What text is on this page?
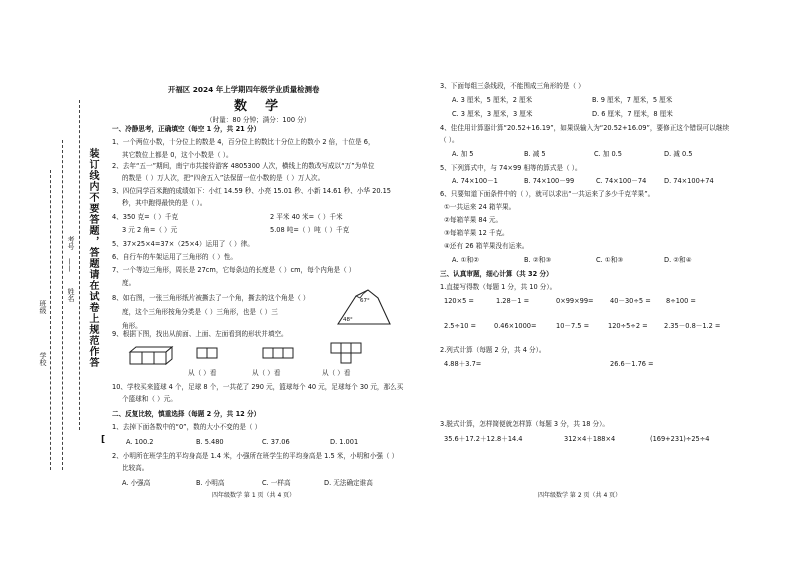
学校
班级
姓名
考号
—— 装订线内不要答题，答题请在试卷上规范作答
[
开福区 2024 年上学期四年级学业质量检测卷
数    学
（时量：80 分钟；满分：100 分）
一、冷静思考，正确填空（每空 1 分，共 21 分）
1、一个两位小数，十分位上的数是 4，百分位上的数比十分位上的数小 2 倍，十位是 6，
其它数位上都是 0，这个小数是（ ）。
2、去年“五一”期间，南宁市共接待游客 4805300 人次，横线上的数改写成以“万”为单位
的数是（ ）万人次，把“四舍五入”法保留一位小数的是（ ）万人次。
3、四位同学百米跑的成绩如下：小红 14.59 秒、小亮 15.01 秒、小新 14.61 秒、小华 20.15
秒，其中跑得最快的是（ ）。
4、350 克=（ ）千克	2 平米 40 米=（ ）千米
3 元 2 角=（ ）元	5.08 吨=（ ）吨（ ）千克
5、37×25×4=37×（25×4）运用了（ ）律。
6、自行车的车架运用了三角形的（ ）性。
7、一个等边三角形，周长是 27cm，它每条边的长度是（ ）cm，每个内角是（ ）
度。
8、如右图，一张三角形纸片被撕去了一个角，撕去的这个角是（ ）
度，这个三角形按角分类是（ ）三角形，也是（ ）三
角形。
67°
48°
9、根据下图，找出从前面、上面、左面看到的形状并填空。
从（ ）看	从（ ）看	从（ ）看
10、学校买来篮球 4 个，足球 8 个，一共花了 290 元，篮球每个 40 元，足球每个 30 元，那么买
个篮球和（ ）元。
二、反复比较，慎重选择（每题 2 分，共 12 分）
1、去掉下面各数中的“0”，数的大小不变的是（ ）
A. 100.2	B. 5.480	C. 37.06	D. 1.001
2、小明所在班学生的平均身高是 1.4 米，小强所在班学生的平均身高是 1.5 米，小明和小强（ ）
比较高。
A. 小强高	B. 小明高	C. 一样高	D. 无法确定谁高
四年级数学 第 1 页（共 4 页）
3、下面每组三条线段，不能围成三角形的是（ ）
A. 3 厘米，5 厘米，2 厘米	B. 9 厘米，7 厘米，5 厘米
C. 3 厘米，3 厘米，3 厘米	D. 6 厘米，7 厘米，8 厘米
4、佳佳用计算器计算“20.52+16.19”，如果误输入为“20.52+16.09”，要修正这个错误可以继续
（ ）。
A. 加 5	B. 减 5	C. 加 0.5	D. 减 0.5
5、下列算式中，与 74×99 相等的算式是（ ）。
A. 74×100－1	B. 74×100－99	C. 74×100－74	D. 74×100+74
6、只要知道下面条件中的（ ），就可以求出“一共运来了多少千克苹果”。
①一共运来 24 箱苹果。
②每箱苹果 84 元。
③每箱苹果 12 千克。
④还有 26 箱苹果没有运来。
A. ①和②	B. ②和③	C. ①和③	D. ②和④
三、认真审题，细心计算（共 32 分）
1.直接写得数（每题 1 分，共 10 分）。
120×5 =	1.28－1 =	0×99×99= 40－30÷5 = 8÷100 =
2.5÷10 =	0.46×1000=	10－7.5 =	120÷5÷2 = 2.35－0.8－1.2 =
2.列式计算（每题 2 分，共 4 分）。
4.88＋3.7=	26.6－1.76 =
3.脱式计算，怎样简便就怎样算（每题 3 分，共 18 分）。
35.6＋17.2＋12.8＋14.4	312×4＋188×4	(169+231)÷25÷4
四年级数学 第 2 页（共 4 页）
